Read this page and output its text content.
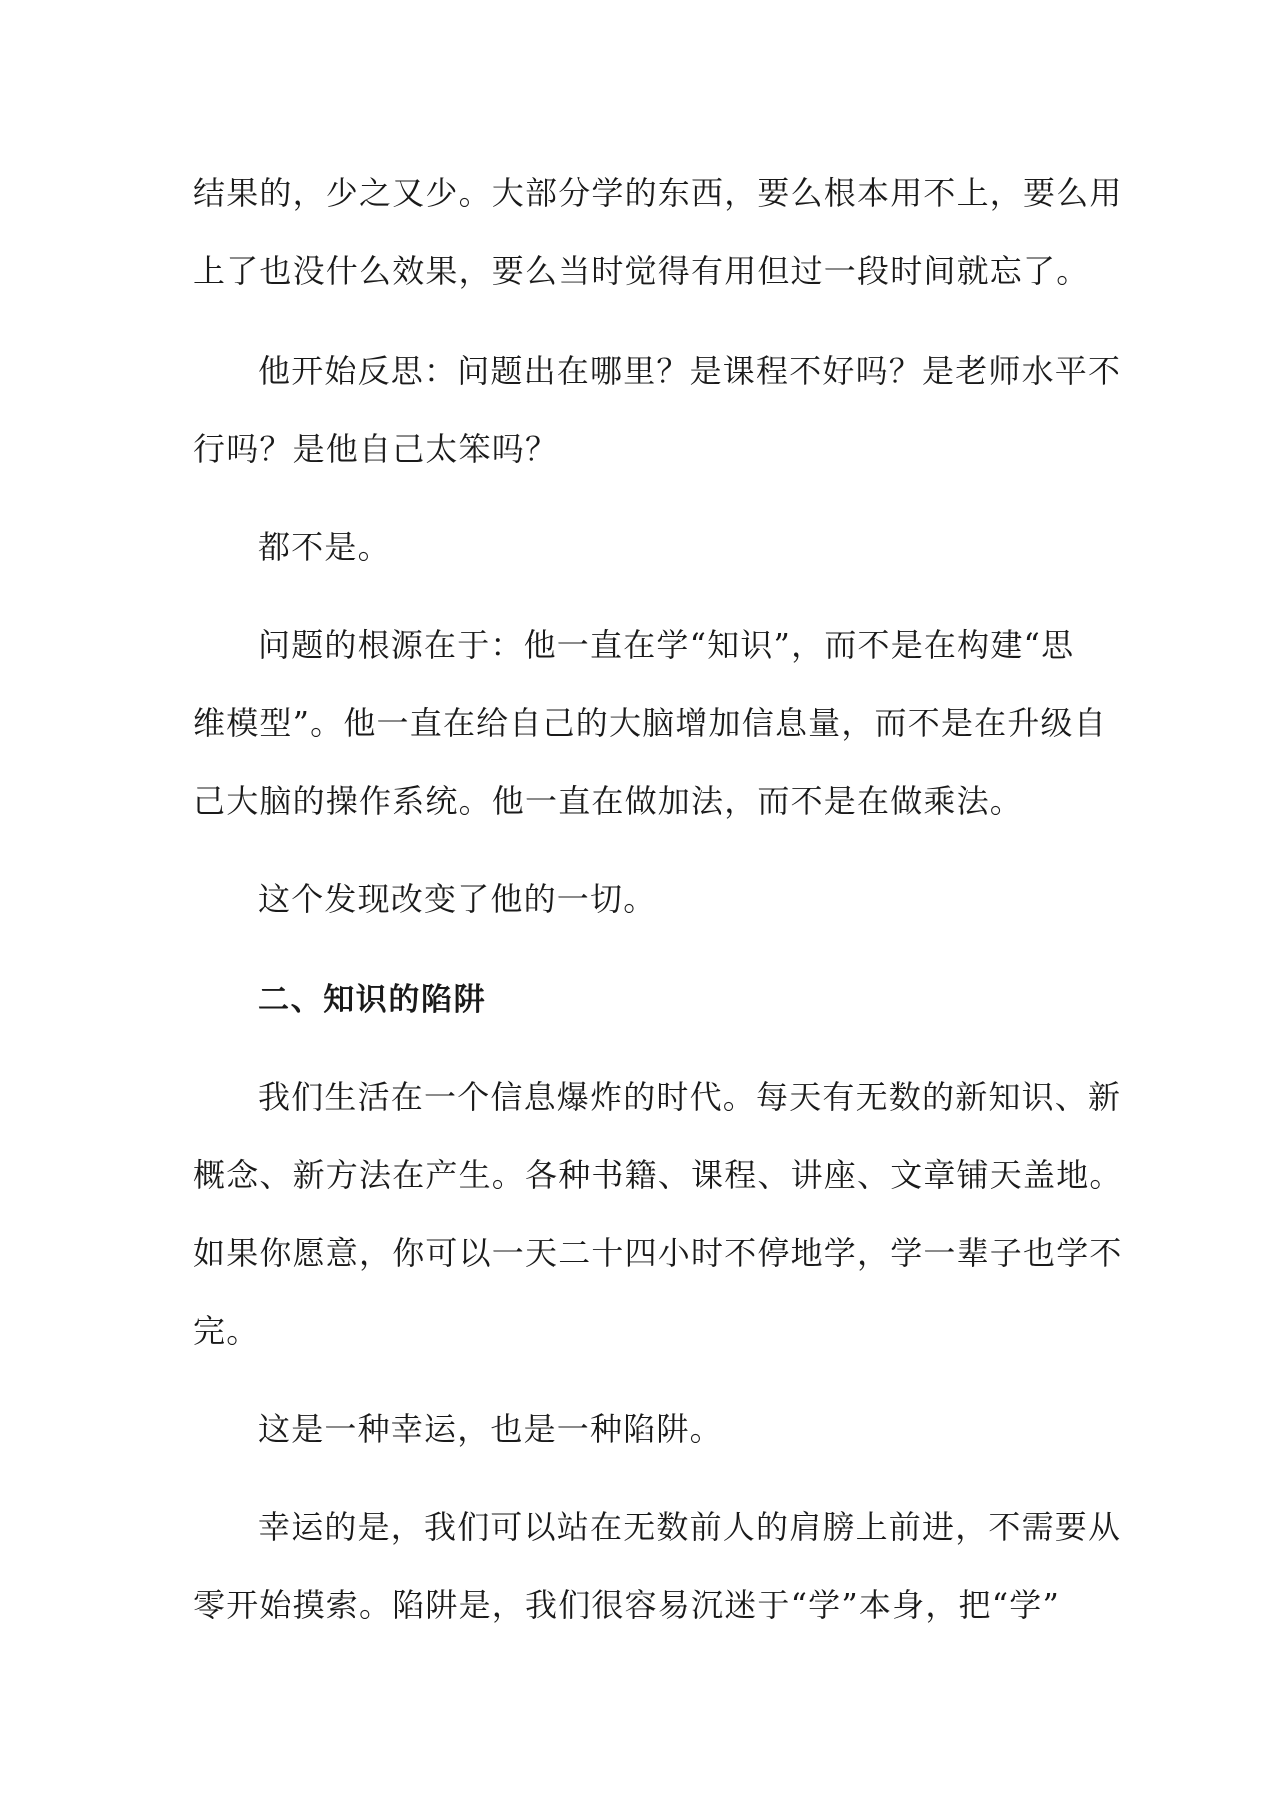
结果的，少之又少。大部分学的东西，要么根本用不上，要么用
上了也没什么效果，要么当时觉得有用但过一段时间就忘了。
他开始反思：问题出在哪里？是课程不好吗？是老师水平不
行吗？是他自己太笨吗？
都不是。
问题的根源在于：他一直在学“知识”，而不是在构建“思
维模型”。他一直在给自己的大脑增加信息量，而不是在升级自
己大脑的操作系统。他一直在做加法，而不是在做乘法。
这个发现改变了他的一切。
二、知识的陷阱
我们生活在一个信息爆炸的时代。每天有无数的新知识、新
概念、新方法在产生。各种书籍、课程、讲座、文章铺天盖地。
如果你愿意，你可以一天二十四小时不停地学，学一辈子也学不
完。
这是一种幸运，也是一种陷阱。
幸运的是，我们可以站在无数前人的肩膀上前进，不需要从
零开始摸索。陷阱是，我们很容易沉迷于“学”本身，把“学”
